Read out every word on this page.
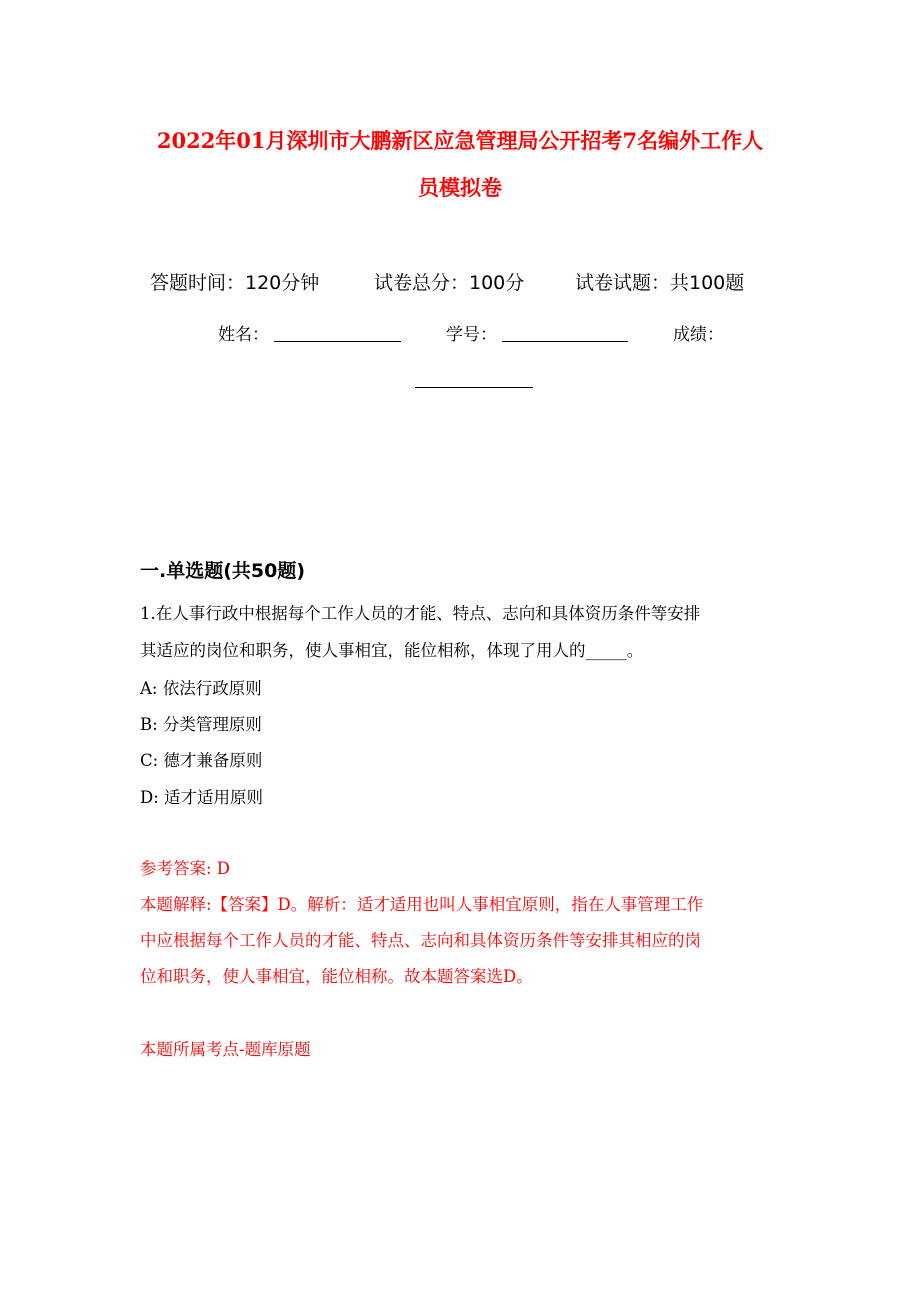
2022年01月深圳市大鹏新区应急管理局公开招考7名编外工作人
员模拟卷
答题时间：120分钟	试卷总分：100分	试卷试题：共100题
姓名：	学号：	成绩：
一.单选题(共50题)
1.在人事行政中根据每个工作人员的才能、特点、志向和具体资历条件等安排
其适应的岗位和职务，使人事相宜，能位相称，体现了用人的_____。
A: 依法行政原则
B: 分类管理原则
C: 德才兼备原则
D: 适才适用原则
参考答案: D
本题解释:【答案】D。解析：适才适用也叫人事相宜原则，指在人事管理工作
中应根据每个工作人员的才能、特点、志向和具体资历条件等安排其相应的岗
位和职务，使人事相宜，能位相称。故本题答案选D。
本题所属考点-题库原题
